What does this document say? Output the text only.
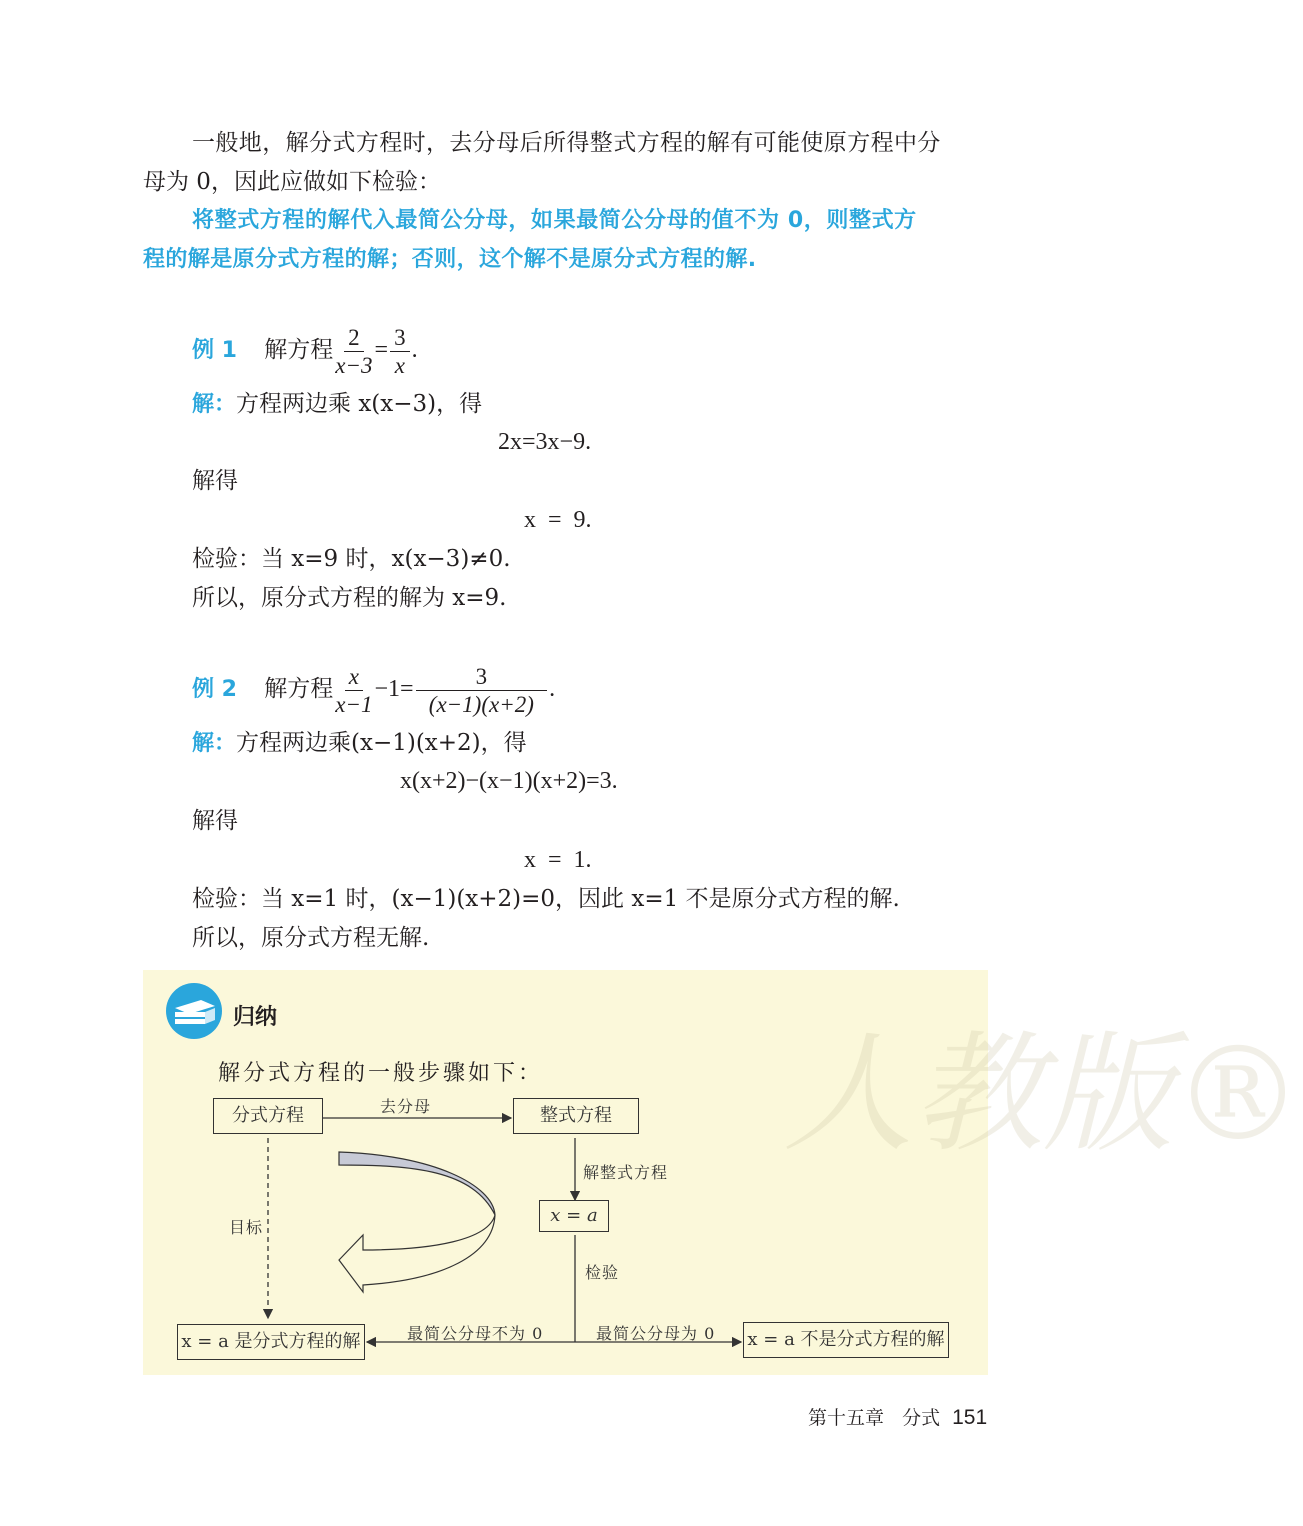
一般地，解分式方程时，去分母后所得整式方程的解有可能使原方程中分
母为 0，因此应做如下检验：
将整式方程的解代入最简公分母，如果最简公分母的值不为 0，则整式方
程的解是原分式方程的解；否则，这个解不是原分式方程的解.
例 1 解方程 $\frac{2}{x-3} = \frac{3}{x}$ .
解：方程两边乘 x(x−3)，得
2x=3x−9.
解得
x = 9.
检验：当 x=9 时，x(x−3)≠0.
所以，原分式方程的解为 x=9.
例 2 解方程 $\frac{x}{x-1} -1= \frac{3}{(x-1)(x+2)}$ .
解：方程两边乘(x−1)(x+2)，得
x(x+2)−(x−1)(x+2)=3.
解得
x = 1.
检验：当 x=1 时，(x−1)(x+2)=0，因此 x=1 不是原分式方程的解.
所以，原分式方程无解.
人教版®
归纳
解分式方程的一般步骤如下：
分式方程	去分母	整式方程
解整式方程
x = a
目标
检验
最简公分母不为 0	最简公分母为 0
x = a 是分式方程的解	x = a 不是分式方程的解
第十五章 分式 151
